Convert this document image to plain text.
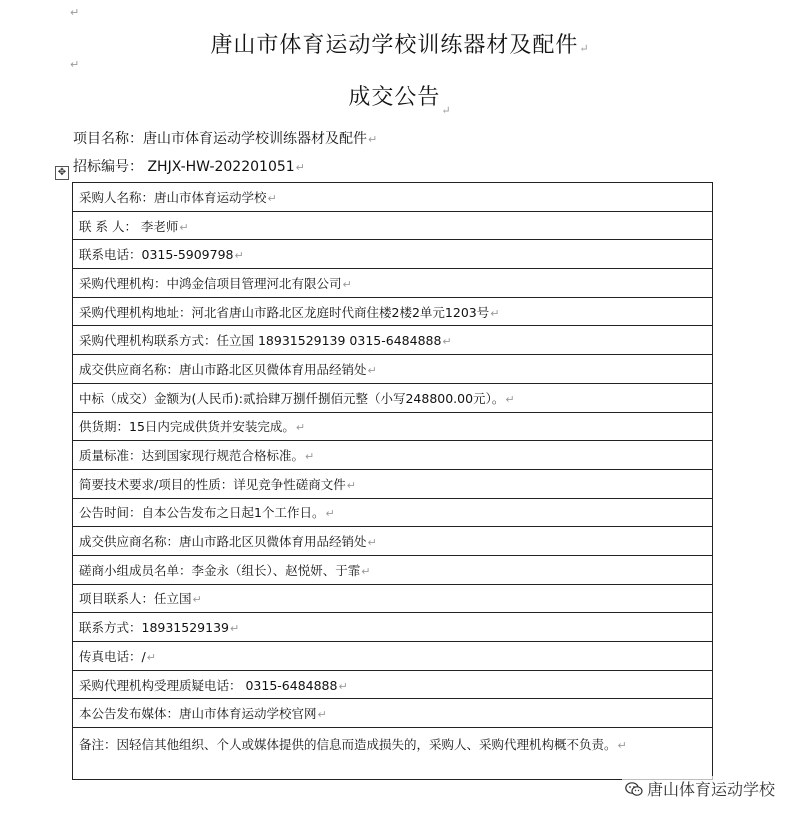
↵
↵
唐山市体育运动学校训练器材及配件↵
成交公告$_↵$
项目名称：唐山市体育运动学校训练器材及配件↵
招标编号： ZHJX-HW-202201051↵
✥
采购人名称：唐山市体育运动学校↵
联 系 人： 李老师↵
联系电话：0315-5909798↵
采购代理机构：中鸿金信项目管理河北有限公司↵
采购代理机构地址：河北省唐山市路北区龙庭时代商住楼2楼2单元1203号↵
采购代理机构联系方式：任立国 18931529139 0315-6484888↵
成交供应商名称：唐山市路北区贝微体育用品经销处↵
中标（成交）金额为(人民币):贰拾肆万捌仟捌佰元整（小写248800.00元）。↵
供货期：15日内完成供货并安装完成。↵
质量标准：达到国家现行规范合格标准。↵
简要技术要求/项目的性质：详见竞争性磋商文件↵
公告时间：自本公告发布之日起1个工作日。↵
成交供应商名称：唐山市路北区贝微体育用品经销处↵
磋商小组成员名单：李金永（组长）、赵悦妍、于霏↵
项目联系人：任立国↵
联系方式：18931529139↵
传真电话：/↵
采购代理机构受理质疑电话： 0315-6484888↵
本公告发布媒体：唐山市体育运动学校官网↵
备注：因轻信其他组织、个人或媒体提供的信息而造成损失的，采购人、采购代理机构概不负责。↵
唐山体育运动学校
